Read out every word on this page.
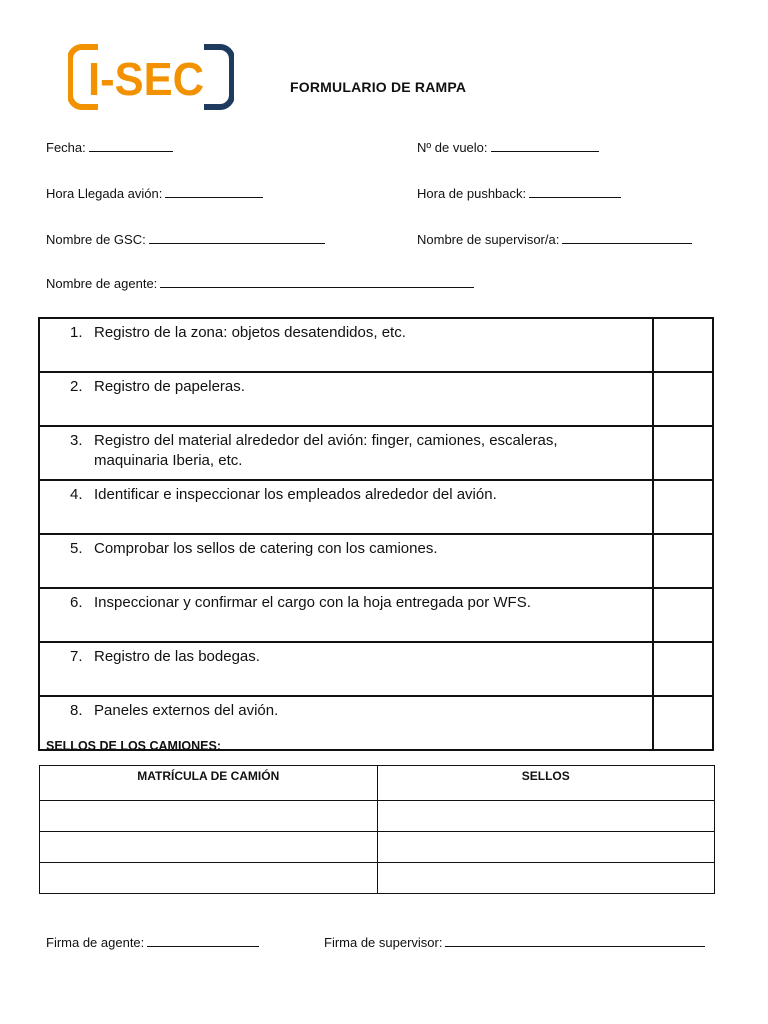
I-SEC	FORMULARIO DE RAMPA
Fecha:	Nº de vuelo:
Hora Llegada avión:	Hora de pushback:
Nombre de GSC:	Nombre de supervisor/a:
Nombre de agente:
1. Registro de la zona: objetos desatendidos, etc.	
2. Registro de papeleras.	
3. Registro del material alrededor del avión: finger, camiones, escaleras,
maquinaria Iberia, etc.	

4. Identificar e inspeccionar los empleados alrededor del avión.	
5. Comprobar los sellos de catering con los camiones.	
6. Inspeccionar y confirmar el cargo con la hoja entregada por WFS.	
7. Registro de las bodegas.	
8. Paneles externos del avión.	
SELLOS DE LOS CAMIONES:
MATRÍCULA DE CAMIÓN	SELLOS

Firma de agente:	Firma de supervisor:
